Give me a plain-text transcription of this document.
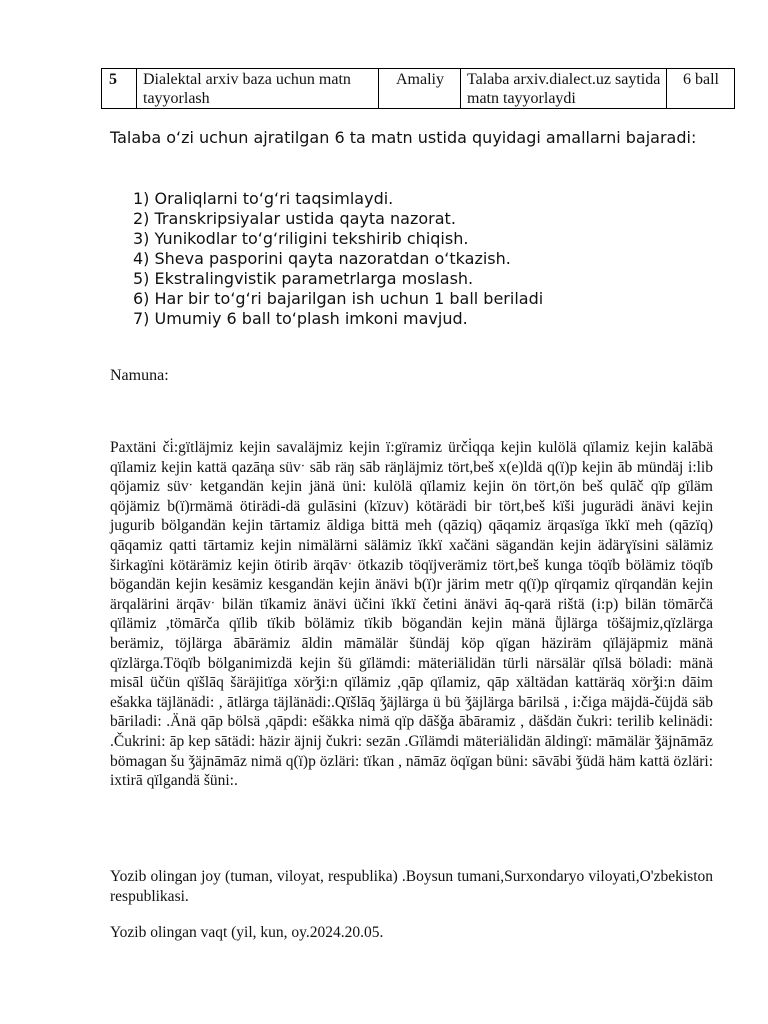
5	Dialektal arxiv baza uchun matn tayyorlash	Amaliy	Talaba arxiv.dialect.uz saytida matn tayyorlaydi	6 ball

Talaba o‘zi uchun ajratilgan 6 ta matn ustida quyidagi amallarni bajaradi:

1) Oraliqlarni to‘g‘ri taqsimlaydi.
2) Transkripsiyalar ustida qayta nazorat.
3) Yunikodlar to‘g‘riligini tekshirib chiqish.
4) Sheva pasporini qayta nazoratdan o‘tkazish.
5) Ekstralingvistik parametrlarga moslash.
6) Har bir to‘g‘ri bajarilgan ish uchun 1 ball beriladi
7) Umumiy 6 ball to‘plash imkoni mavjud.

Namuna:

Paxtäni či̇:gïtläjmiz kejin savaläjmiz kejin ï:gïramiz ürči̇qqa kejin kulölä qïlamiz kejin kalābä qïlamiz kejin kattä qazāɳa süvˑ sāb räŋ sāb räŋläjmiz tört,beš x(e)ldä q(ï)p kejin āb mündäj i:lib qöjamiz süvˑ ketgandän kejin jänä üni: kulölä qïlamiz kejin ön tört,ön beš qulāč qïp gïläm qöjämiz b(ï)rmämä ötirädi-dä gulāsini (kïzuv) kötärädi bir tört,beš kïši jugurädi änävi kejin jugurib bölgandän kejin tārtamiz āldiga bittä meh (qāziq) qāqamiz ärqasïga ïkkï meh (qāzïq) qāqamiz qatti tārtamiz kejin nimälärni sälämiz ïkkï xačäni sägandän kejin ädärɣïsini sälämiz širkagïni kötärämiz kejin ötirib ärqāvˑ ötkazib töqïjverämiz tört,beš kunga töqïb bölämiz töqïb bögandän kejin kesämiz kesgandän kejin änävi b(ï)r järim metr q(ï)p qïrqamiz qïrqandän kejin ärqalärini ärqāvˑ bilän tïkamiz änävi üčini ïkkï četini änävi āq-qarä rištä (i:p) bilän tömārčä qïlämiz ,tömārča qïlib tïkib bölämiz tïkib bögandän kejin mänä ṻjlärga töšäjmiz,qïzlärga berämiz, töjlärga ābārämiz āldin māmälär šündäj köp qïgan häziräm qïläjäpmiz mänä qïzlärga.Töqïb bölganimizdä kejin šü gïlämdi: mäteriälidän türli närsälär qïlsä böladi: mänä misāl üčün qïšlāq šäräjitïga xörǯi:n qïlämiz ,qāp qïlamiz, qāp xältädan kattäräq xörǯi:n dāim ešakka täjlänädi: , ātlärga täjlänädi:.Qïšlāq ǯäjlärga ü bü ǯäjlärga bārilsä , i:čiga mäjdä-čüjdä säb bāriladi: .Änä qāp bölsä ,qāpdi: ešäkka nimä qïp dāšğa ābāramiz , däšdän čukri: terilib kelinädi: .Čukrini: āp kep sātädi: häzir äjnij čukri: sezān .Gïlämdi mäteriälidän āldingï: māmälär ǯäjnāmāz bömagan šu ǯäjnāmāz nimä q(ï)p özläri: tïkan , nāmāz öqïgan büni: sāvābi ǯüdä häm kattä özläri: ixtirā qïlgandä šüni:.

Yozib olingan joy (tuman, viloyat, respublika) .Boysun tumani,Surxondaryo viloyati,O'zbekiston respublikasi.

Yozib olingan vaqt (yil, kun, oy.2024.20.05.
